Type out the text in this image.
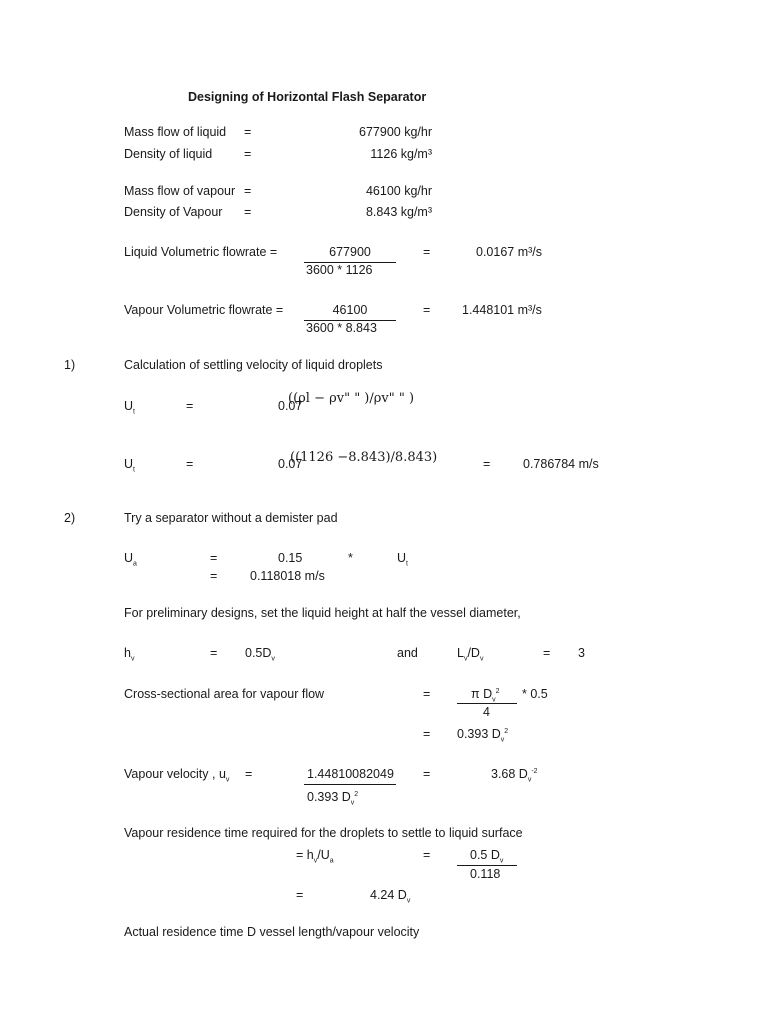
Designing of Horizontal Flash Separator
Mass flow of liquid =	677900 kg/hr
Density of liquid	=	1126 kg/m³
Mass flow of vapour =	46100 kg/hr
Density of Vapour =	8.843 kg/m³
Liquid Volumetric flowrate =	677900
3600 * 1126
=	0.0167 m³/s
Vapour Volumetric flowrate =	46100
3600 * 8.843
=	1.448101 m³/s
1)	Calculation of settling velocity of liquid droplets
$U_t$	=	0.07
((ρl − ρv" " )/ρv" " )
$U_t$	=	0.07
((1126 −8.843)/8.843)	=	0.786784 m/s
2)	Try a separator without a demister pad
$U_a$	=	0.15	*	$U_t$
=	0.118018 m/s
For preliminary designs, set the liquid height at half the vessel diameter,
$h_v$	= $0.5D_v$	and	$L_v/D_v$	= 3
Cross-sectional area for vapour flow	=	π $D_v^2 * 0.5$
4
= 0.393 $D_v^2$
Vapour velocity , $u_v$ =	1.44810082049
0.393 $D_v^2$
=	3.68 $D_v^{-2}$
Vapour residence time required for the droplets to settle to liquid surface
= $h_v/U_a$	=	0.5 $D_v$
0.118
=	4.24 $D_v$
Actual residence time D vessel length/vapour velocity
